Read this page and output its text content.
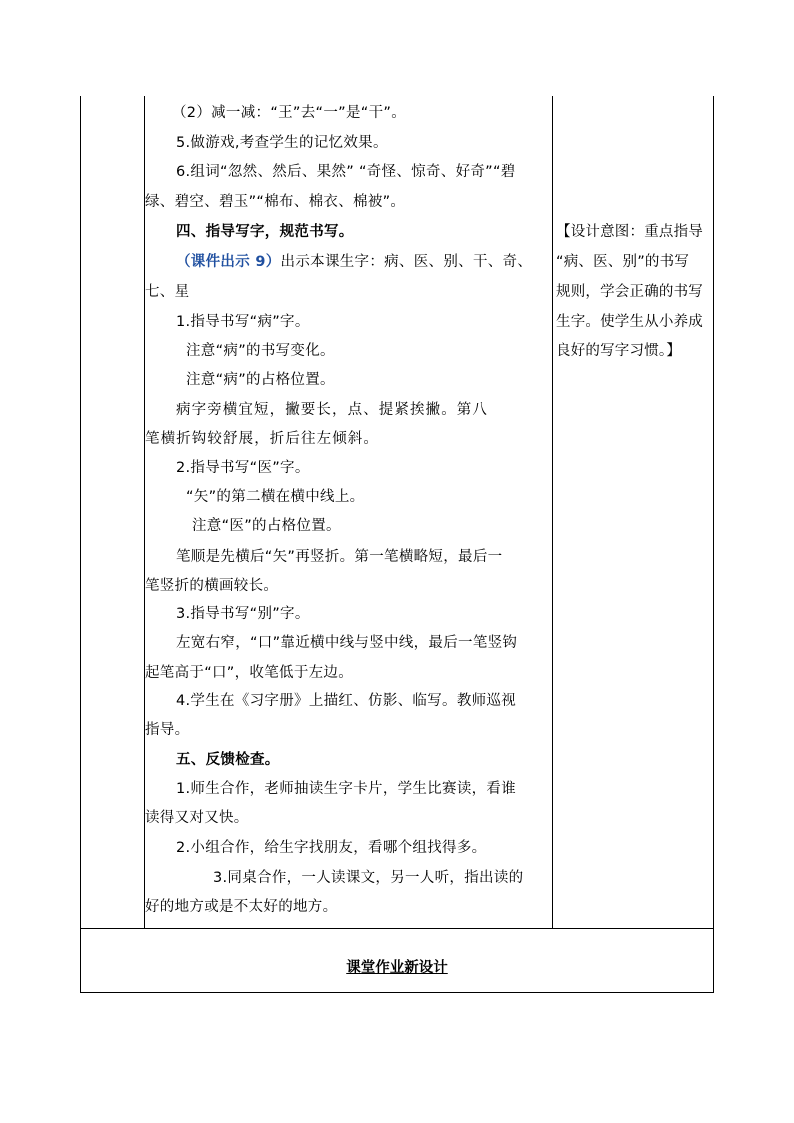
（2）减一减：“王”去“一”是“干”。
5.做游戏,考查学生的记忆效果。
6.组词“忽然、然后、果然” “奇怪、惊奇、好奇”“碧
绿、碧空、碧玉”“棉布、棉衣、棉被”。
四、指导写字，规范书写。
（课件出示 9）出示本课生字：病、医、别、干、奇、
七、星
1.指导书写“病”字。
注意“病”的书写变化。
注意“病”的占格位置。
病字旁横宜短，撇要长，点、提紧挨撇。第八
笔横折钩较舒展，折后往左倾斜。
2.指导书写“医”字。
“矢”的第二横在横中线上。
注意“医”的占格位置。
笔顺是先横后“矢”再竖折。第一笔横略短，最后一
笔竖折的横画较长。
3.指导书写“别”字。
左宽右窄，“口”靠近横中线与竖中线，最后一笔竖钩
起笔高于“口”，收笔低于左边。
4.学生在《习字册》上描红、仿影、临写。教师巡视
指导。
五、反馈检查。
1.师生合作，老师抽读生字卡片，学生比赛读，看谁
读得又对又快。
2.小组合作，给生字找朋友，看哪个组找得多。
3.同桌合作，一人读课文，另一人听，指出读的
好的地方或是不太好的地方。
【设计意图：重点指导
“病、医、别”的书写
规则，学会正确的书写
生字。使学生从小养成
良好的写字习惯。】
课堂作业新设计
